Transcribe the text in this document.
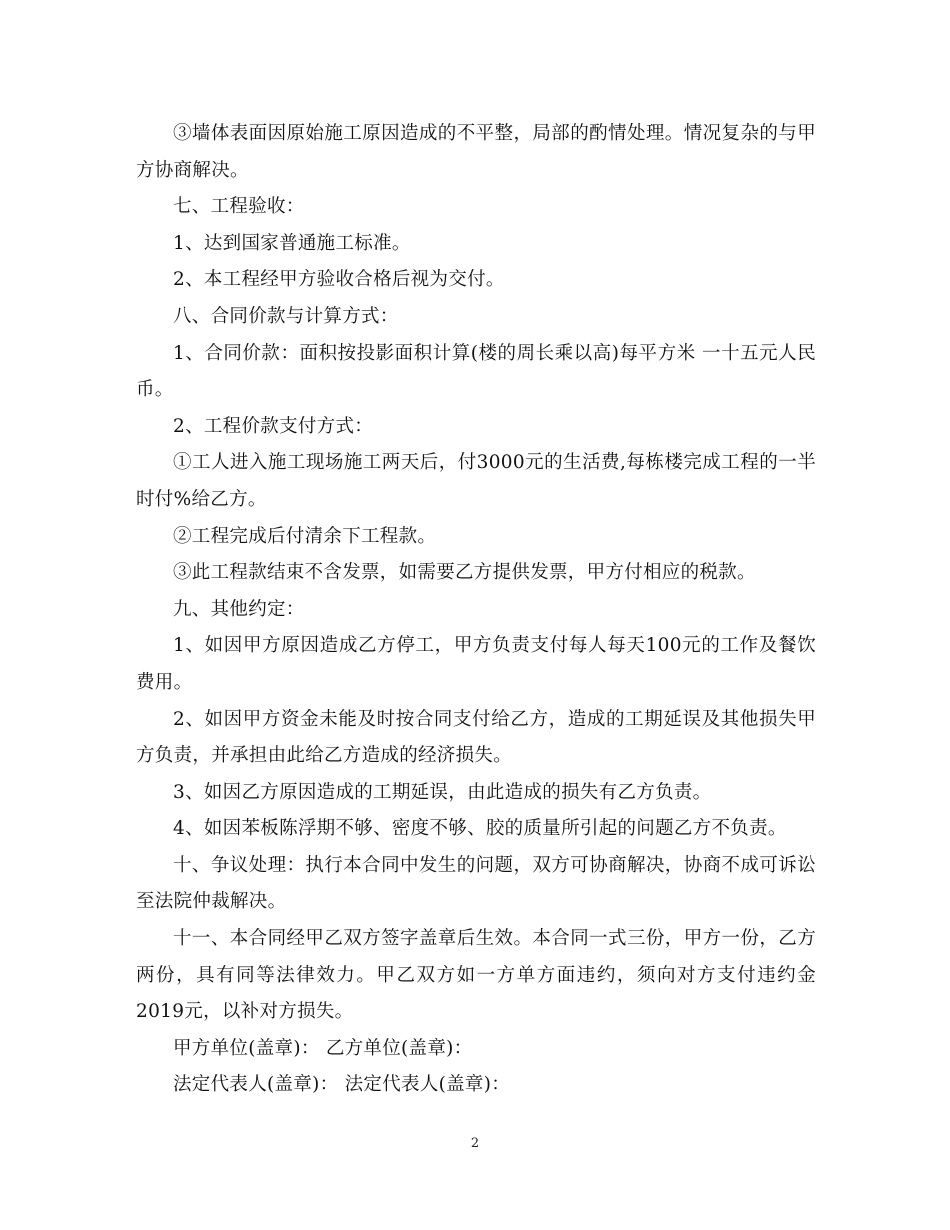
③墙体表面因原始施工原因造成的不平整，局部的酌情处理。情况复杂的与甲方协商解决。

七、工程验收：

1、达到国家普通施工标准。

2、本工程经甲方验收合格后视为交付。

八、合同价款与计算方式：

1、合同价款：面积按投影面积计算(楼的周长乘以高)每平方米 一十五元人民币。

2、工程价款支付方式：

①工人进入施工现场施工两天后，付3000元的生活费,每栋楼完成工程的一半时付%给乙方。

②工程完成后付清余下工程款。

③此工程款结束不含发票，如需要乙方提供发票，甲方付相应的税款。

九、其他约定：

1、如因甲方原因造成乙方停工，甲方负责支付每人每天100元的工作及餐饮费用。

2、如因甲方资金未能及时按合同支付给乙方，造成的工期延误及其他损失甲方负责，并承担由此给乙方造成的经济损失。

3、如因乙方原因造成的工期延误，由此造成的损失有乙方负责。

4、如因苯板陈浮期不够、密度不够、胶的质量所引起的问题乙方不负责。

十、争议处理：执行本合同中发生的问题，双方可协商解决，协商不成可诉讼至法院仲裁解决。

十一、本合同经甲乙双方签字盖章后生效。本合同一式三份，甲方一份，乙方两份，具有同等法律效力。甲乙双方如一方单方面违约，须向对方支付违约金2019元，以补对方损失。

甲方单位(盖章)： 乙方单位(盖章)：

法定代表人(盖章)： 法定代表人(盖章)：

2
